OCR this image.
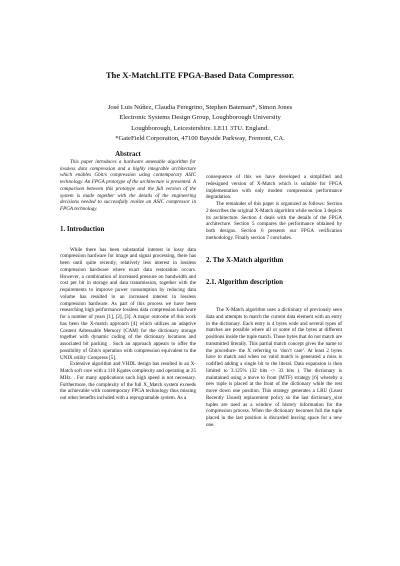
The X-MatchLITE FPGA-Based Data Compressor.
José Luis Núñez, Claudia Feregrino, Stephen Bateman*, Simon Jones
Electronic Systems Design Group, Loughborough University
Loughborough, Leicestershire. LE11 3TU. England.
*GateField Corporation, 47100 Bayside Parkway, Fremont, CA.

Abstract

This paper introduces a hardware amenable algorithm for lossless data compression and a highly integrable architecture which enables Gbit/s compression using contemporary ASIC technology. An FPGA prototype of the architecture is presented. A comparison between this prototype and the full version of the system is made together with the details of the engineering decisions needed to successfully realize an ASIC compressor in FPGA technology.

1. Introduction

While there has been substantial interest in lossy data compression hardware for image and signal processing, there has been until quite recently, relatively less interest in lossless compression hardware where exact data restoration occurs. However, a combination of increased pressure on bandwidth and cost per bit in storage and data transmission, together with the requirements to improve power consumption by reducing data volume has resulted in an increased interest in lossless compression hardware. As part of this process we have been researching high performance lossless data compression hardware for a number of years [1], [2], [3]. A major outcome of this work has been the X-match approach [4] which utilizes an adaptive Content Adressable Memory (CAM) for the dictionary storage together with dynamic coding of the dictionary locations and associated bit packing . Such an approach appears to offer the possibility of Gbit/s operation with compression equivalent to the UNIX utility Compress [5].

Extensive algorithm and VHDL design has resulted in an X-Match soft core with a 110 Kgates complexity and operating at 25 MHz. . For many applications such high speed is not necessary. Furthermore, the complexity of the full X_Match system exceeds the achievable with contemporary FPGA technology thus missing out other benefits included with a reprogramable system. As a

consequence of this we have developed a simplified and redesigned version of X-Match which is suitable for FPGA implementation with only modest compression performance degradation.

The remainder of this paper is organized as follows: Section 2 describes the original X-Match algorithm while section 3 depicts its architecture. Section 4 deals with the details of the FPGA architecture. Section 5 compares the performance obtained by both designs. Section 6 presents our FPGA verification methodology. Finally section 7 concludes.

2. The X-Match algorithm

2.1. Algorithm description

The X-Match algorithm uses a dictionary of previously seen data and attempts to match the current data element with an entry in the dictionary. Each entry is 4 bytes wide and several types of matches are possible where all or some of the bytes at different positions inside the tuple match. Those bytes that do not match are transmitted literally. This partial match concept gives the name to the procedure- the X referring to ‘don’t care’. At least 2 bytes have to match and when no valid match is generated a miss is codified adding a single bit to the literal. Data expansion is then limited to 3.125% (32 bits -> 33 bits ). The dictionary is maintained using a move to front (MTF) strategy [6] whereby a new tuple is placed at the front of the dictionary while the rest move down one position. This strategy generates a LRU (Least Recently Usued) replacement policy so the last dictionary_size tuples are used as a window of history information for the compression process. When the dictionary becomes full the tuple placed in the last position is discarded leaving space for a new one.
